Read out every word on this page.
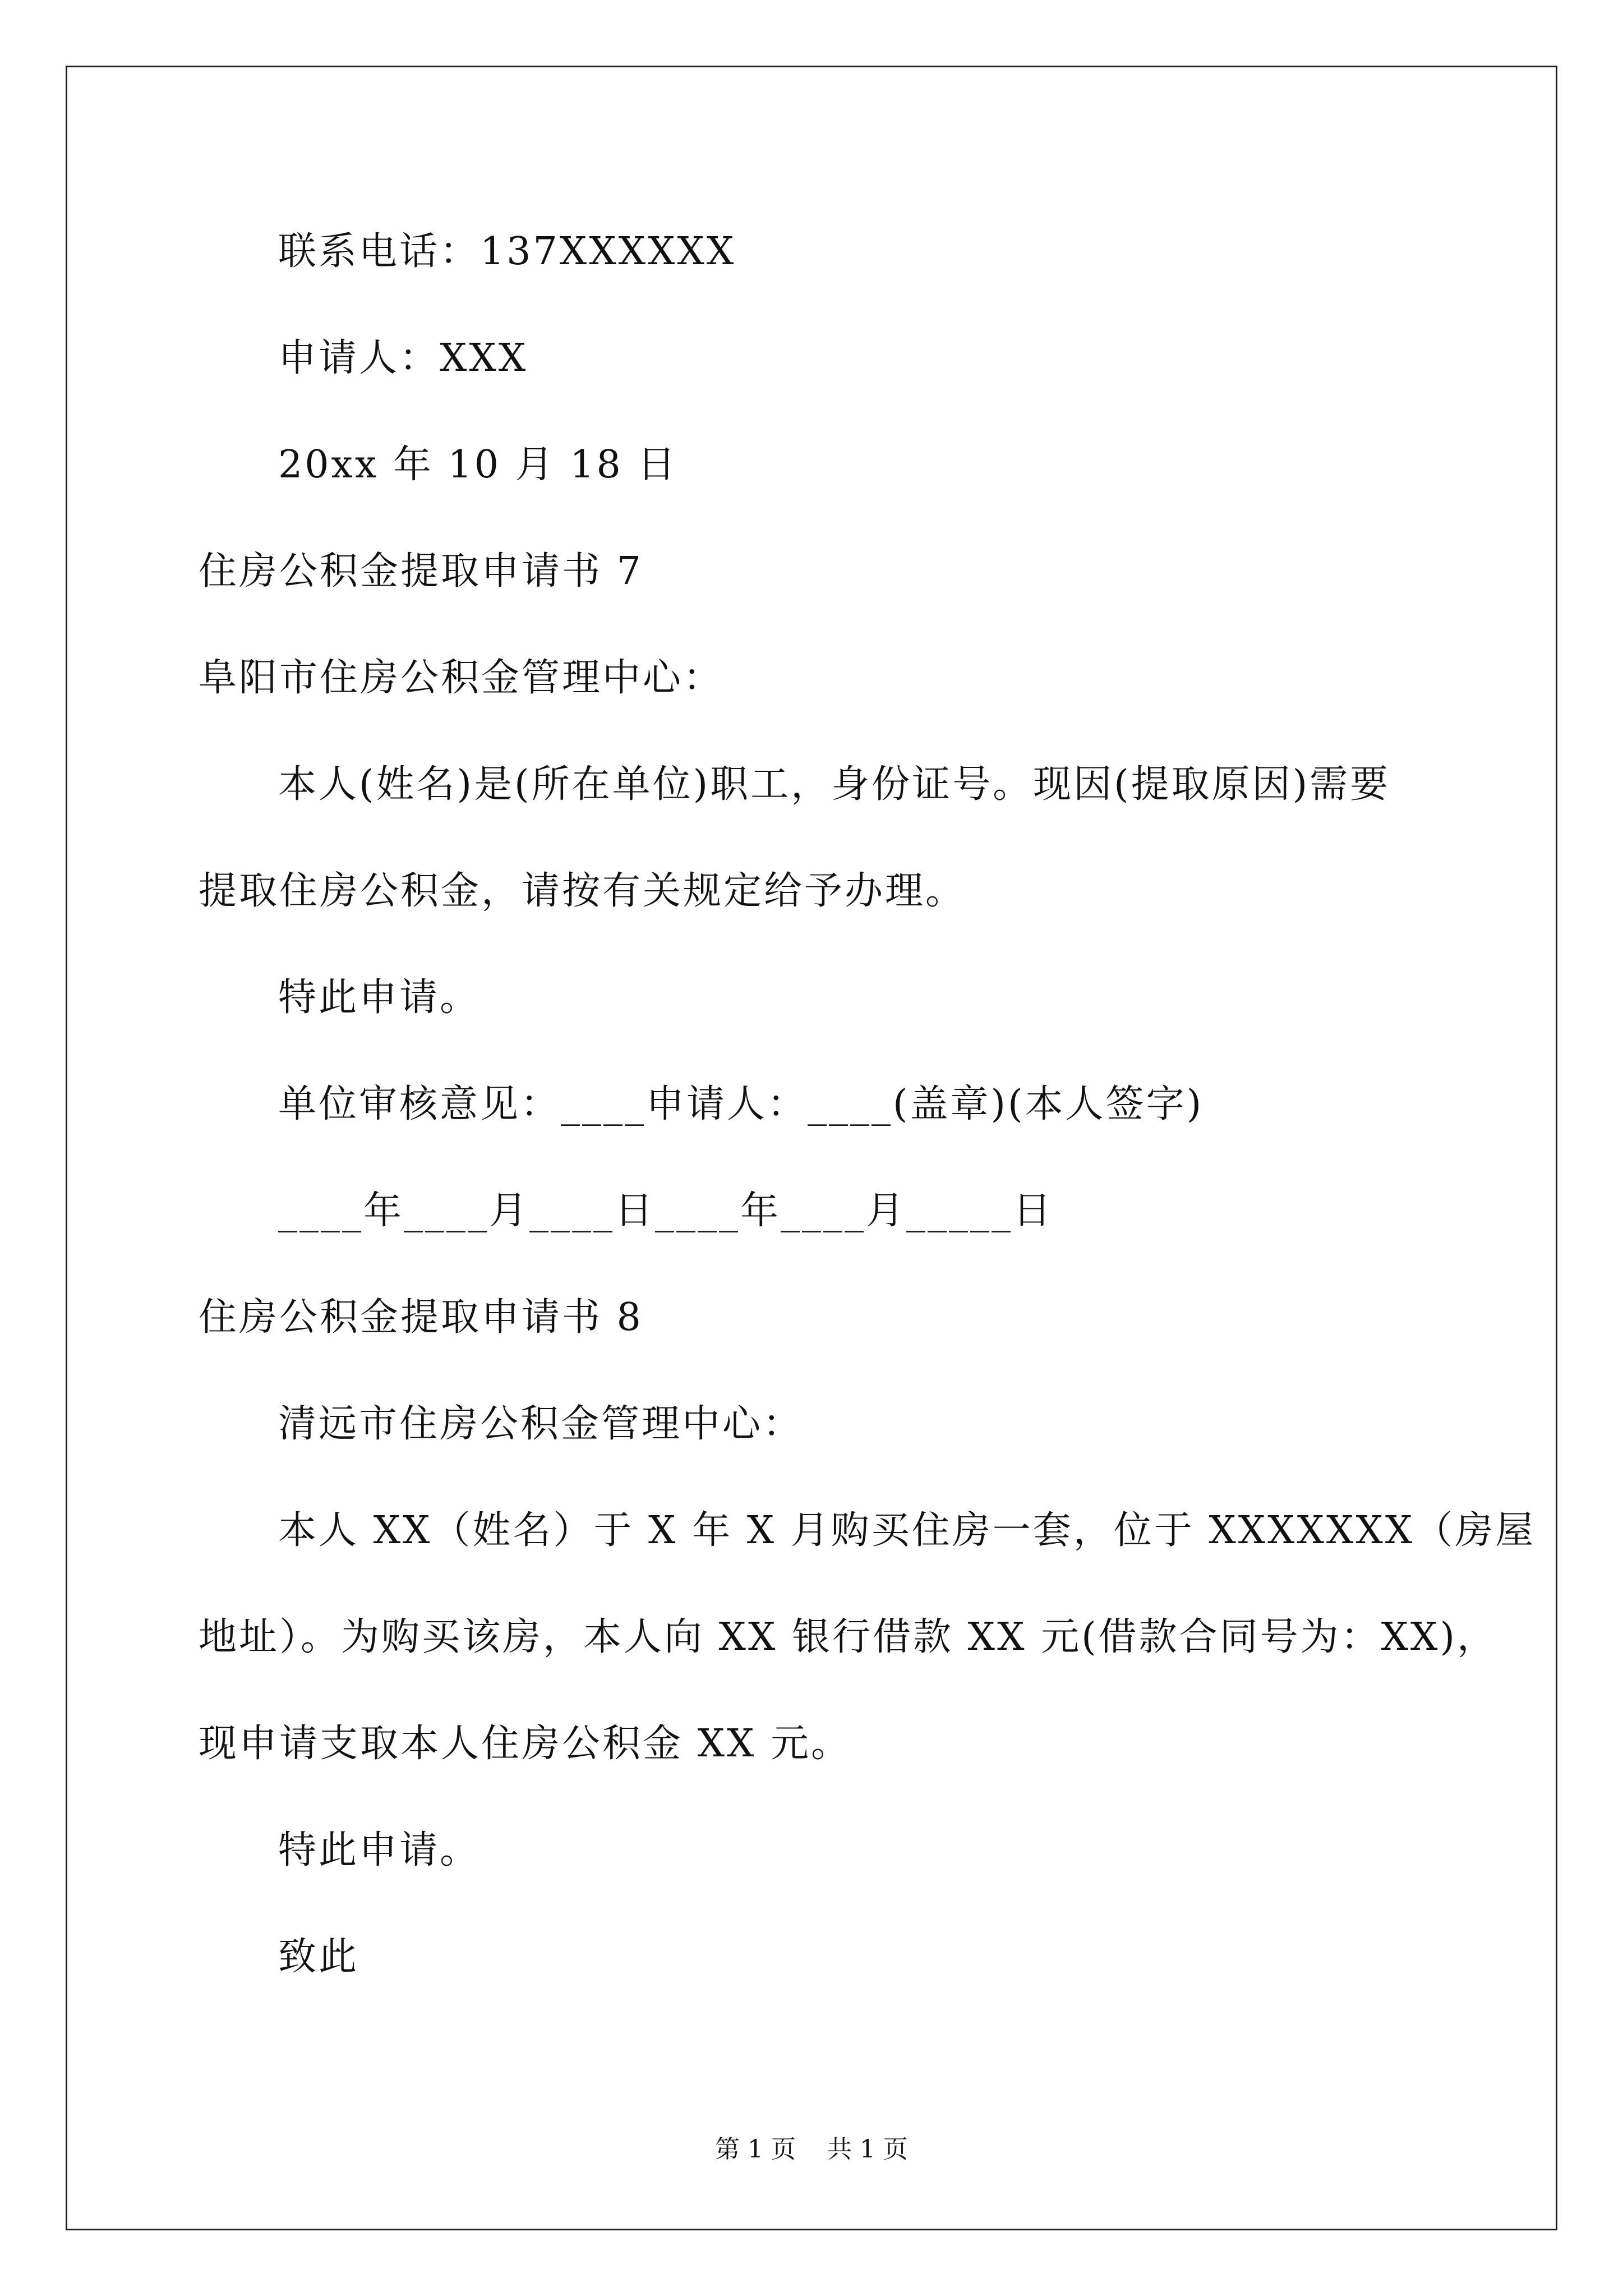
联系电话：137XXXXXX
申请人：XXX
20xx 年 10 月 18 日
住房公积金提取申请书 7
阜阳市住房公积金管理中心：
本人(姓名)是(所在单位)职工，身份证号。现因(提取原因)需要
提取住房公积金，请按有关规定给予办理。
特此申请。
单位审核意见：____申请人：____(盖章)(本人签字)
____年____月____日____年____月_____日
住房公积金提取申请书 8
清远市住房公积金管理中心：
本人 XX（姓名）于 X 年 X 月购买住房一套，位于 XXXXXXX（房屋
地址）。为购买该房，本人向 XX 银行借款 XX 元(借款合同号为：XX)，
现申请支取本人住房公积金 XX 元。
特此申请。
致此
第 1 页    共 1 页
